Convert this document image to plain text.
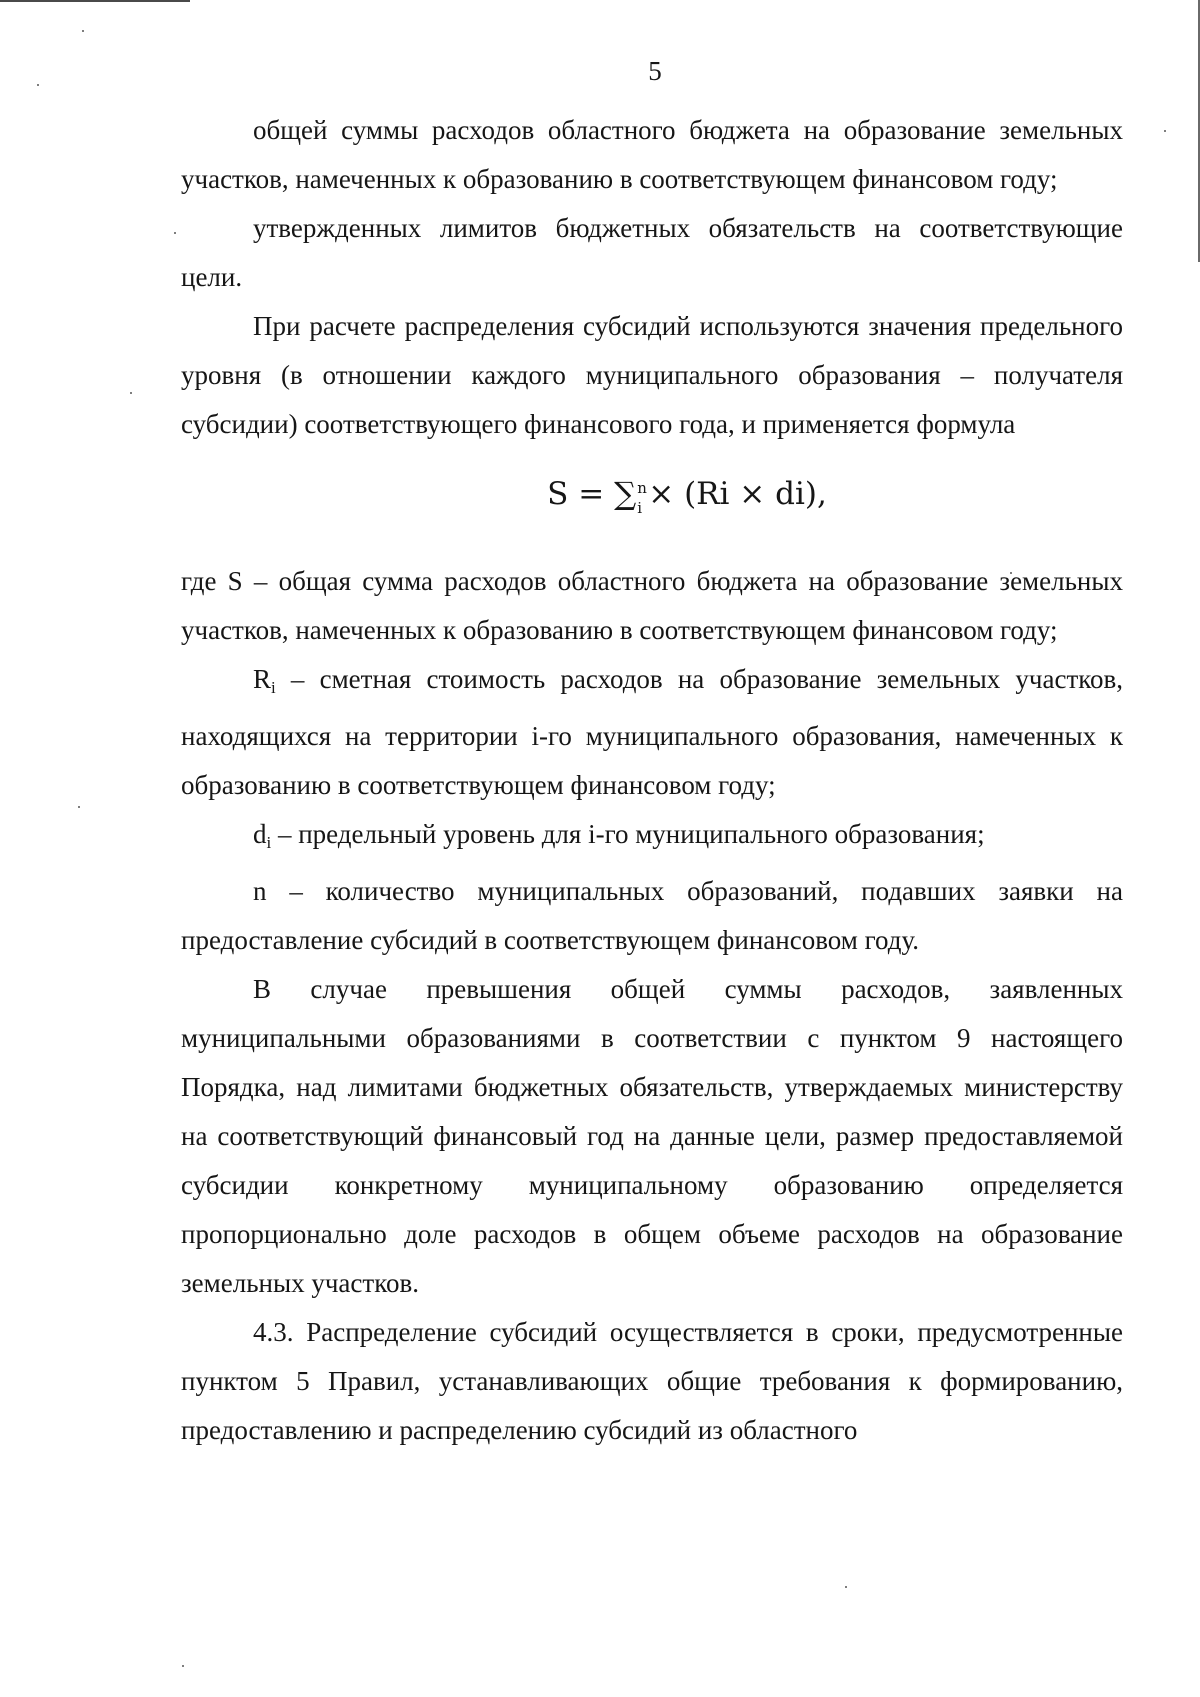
5

общей суммы расходов областного бюджета на образование земельных участков, намеченных к образованию в соответствующем финансовом году;

утвержденных лимитов бюджетных обязательств на соответствующие цели.

При расчете распределения субсидий используются значения предельного уровня (в отношении каждого муниципального образования – получателя субсидии) соответствующего финансового года, и применяется формула

S = ∑ n
i × (Ri × di),

где S – общая сумма расходов областного бюджета на образование земельных участков, намеченных к образованию в соответствующем финансовом году;

Ri – сметная стоимость расходов на образование земельных участков, находящихся на территории i-го муниципального образования, намеченных к образованию в соответствующем финансовом году;

di – предельный уровень для i-го муниципального образования;

n – количество муниципальных образований, подавших заявки на предоставление субсидий в соответствующем финансовом году.

В случае превышения общей суммы расходов, заявленных муниципальными образованиями в соответствии с пунктом 9 настоящего Порядка, над лимитами бюджетных обязательств, утверждаемых министерству на соответствующий финансовый год на данные цели, размер предоставляемой субсидии конкретному муниципальному образованию определяется пропорционально доле расходов в общем объеме расходов на образование земельных участков.

4.3. Распределение субсидий осуществляется в сроки, предусмотренные пунктом 5 Правил, устанавливающих общие требования к формированию, предоставлению и распределению субсидий из областного
